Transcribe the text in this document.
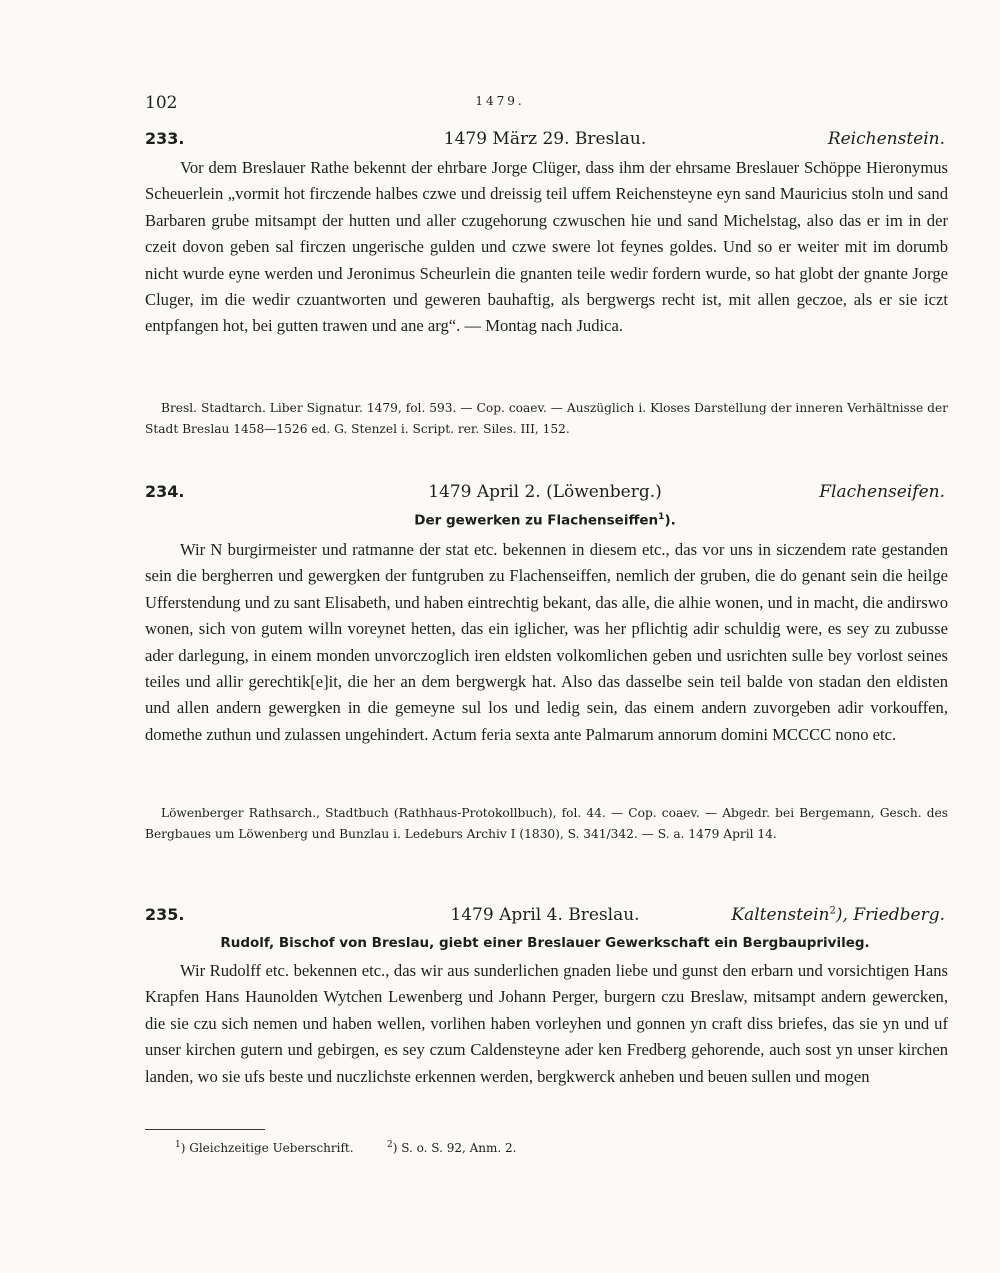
102	1479.
233.	1479 März 29. Breslau.	Reichenstein.

Vor dem Breslauer Rathe bekennt der ehrbare Jorge Clüger, dass ihm der ehrsame Breslauer Schöppe Hieronymus Scheuerlein „vormit hot firczende halbes czwe und dreissig teil uffem Reichensteyne eyn sand Mauricius stoln und sand Barbaren grube mitsampt der hutten und aller czugehorung czwuschen hie und sand Michelstag, also das er im in der czeit dovon geben sal firczen ungerische gulden und czwe swere lot feynes goldes. Und so er weiter mit im dorumb nicht wurde eyne werden und Jeronimus Scheurlein die gnanten teile wedir fordern wurde, so hat globt der gnante Jorge Cluger, im die wedir czuantworten und geweren bauhaftig, als bergwergs recht ist, mit allen geczoe, als er sie iczt entpfangen hot, bei gutten trawen und ane arg“. — Montag nach Judica.

Bresl. Stadtarch. Liber Signatur. 1479, fol. 593. — Cop. coaev. — Auszüglich i. Kloses Darstellung der inneren Verhältnisse der Stadt Breslau 1458—1526 ed. G. Stenzel i. Script. rer. Siles. III, 152.

234.	1479 April 2. (Löwenberg.)	Flachenseifen.
Der gewerken zu Flachenseiffen$^1$).

Wir N burgirmeister und ratmanne der stat etc. bekennen in diesem etc., das vor uns in siczendem rate gestanden sein die bergherren und gewergken der funtgruben zu Flachenseiffen, nemlich der gruben, die do genant sein die heilge Ufferstendung und zu sant Elisabeth, und haben eintrechtig bekant, das alle, die alhie wonen, und in macht, die andirswo wonen, sich von gutem willn voreynet hetten, das ein iglicher, was her pflichtig adir schuldig were, es sey zu zubusse ader darlegung, in einem monden unvorczoglich iren eldsten volkomlichen geben und usrichten sulle bey vorlost seines teiles und allir gerechtik[e]it, die her an dem bergwergk hat. Also das dasselbe sein teil balde von stadan den eldisten und allen andern gewergken in die gemeyne sul los und ledig sein, das einem andern zuvorgeben adir vorkouffen, domethe zuthun und zulassen ungehindert. Actum feria sexta ante Palmarum annorum domini MCCCC nono etc.

Löwenberger Rathsarch., Stadtbuch (Rathhaus-Protokollbuch), fol. 44. — Cop. coaev. — Abgedr. bei Bergemann, Gesch. des Bergbaues um Löwenberg und Bunzlau i. Ledeburs Archiv I (1830), S. 341/342. — S. a. 1479 April 14.

235.	1479 April 4. Breslau.	Kaltenstein$^2$), Friedberg.
Rudolf, Bischof von Breslau, giebt einer Breslauer Gewerkschaft ein Bergbauprivileg.

Wir Rudolff etc. bekennen etc., das wir aus sunderlichen gnaden liebe und gunst den erbarn und vorsichtigen Hans Krapfen Hans Haunolden Wytchen Lewenberg und Johann Perger, burgern czu Breslaw, mitsampt andern gewercken, die sie czu sich nemen und haben wellen, vorlihen haben vorleyhen und gonnen yn craft diss briefes, das sie yn und uf unser kirchen gutern und gebirgen, es sey czum Caldensteyne ader ken Fredberg gehorende, auch sost yn unser kirchen landen, wo sie ufs beste und nuczlichste erkennen werden, bergkwerck anheben und beuen sullen und mogen

$^1$) Gleichzeitige Ueberschrift.	$^2$) S. o. S. 92, Anm. 2.
